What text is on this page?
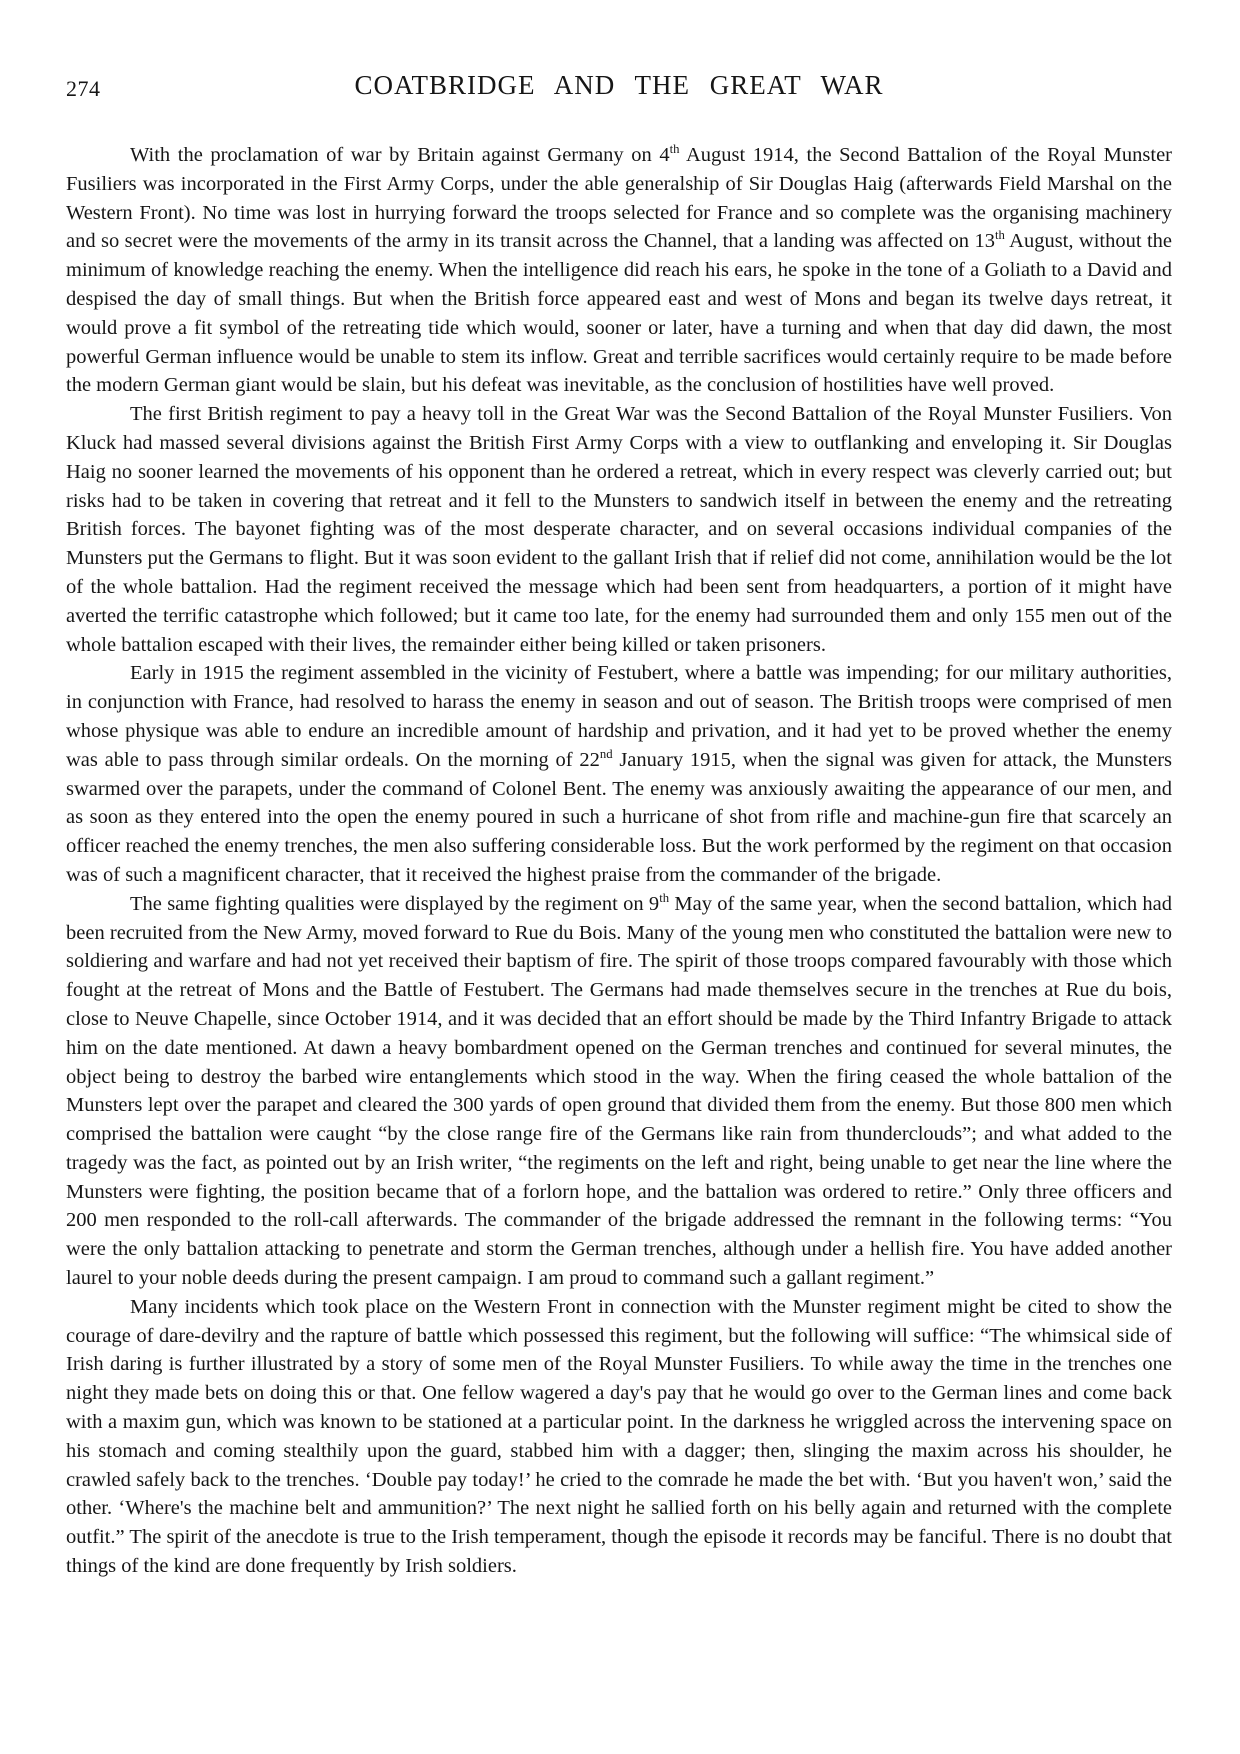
274	COATBRIDGE AND THE GREAT WAR

With the proclamation of war by Britain against Germany on 4th August 1914, the Second Battalion of the Royal Munster Fusiliers was incorporated in the First Army Corps, under the able generalship of Sir Douglas Haig (afterwards Field Marshal on the Western Front). No time was lost in hurrying forward the troops selected for France and so complete was the organising machinery and so secret were the movements of the army in its transit across the Channel, that a landing was affected on 13th August, without the minimum of knowledge reaching the enemy. When the intelligence did reach his ears, he spoke in the tone of a Goliath to a David and despised the day of small things. But when the British force appeared east and west of Mons and began its twelve days retreat, it would prove a fit symbol of the retreating tide which would, sooner or later, have a turning and when that day did dawn, the most powerful German influence would be unable to stem its inflow. Great and terrible sacrifices would certainly require to be made before the modern German giant would be slain, but his defeat was inevitable, as the conclusion of hostilities have well proved.

The first British regiment to pay a heavy toll in the Great War was the Second Battalion of the Royal Munster Fusiliers. Von Kluck had massed several divisions against the British First Army Corps with a view to outflanking and enveloping it. Sir Douglas Haig no sooner learned the movements of his opponent than he ordered a retreat, which in every respect was cleverly carried out; but risks had to be taken in covering that retreat and it fell to the Munsters to sandwich itself in between the enemy and the retreating British forces. The bayonet fighting was of the most desperate character, and on several occasions individual companies of the Munsters put the Germans to flight. But it was soon evident to the gallant Irish that if relief did not come, annihilation would be the lot of the whole battalion. Had the regiment received the message which had been sent from headquarters, a portion of it might have averted the terrific catastrophe which followed; but it came too late, for the enemy had surrounded them and only 155 men out of the whole battalion escaped with their lives, the remainder either being killed or taken prisoners.

Early in 1915 the regiment assembled in the vicinity of Festubert, where a battle was impending; for our military authorities, in conjunction with France, had resolved to harass the enemy in season and out of season. The British troops were comprised of men whose physique was able to endure an incredible amount of hardship and privation, and it had yet to be proved whether the enemy was able to pass through similar ordeals. On the morning of 22nd January 1915, when the signal was given for attack, the Munsters swarmed over the parapets, under the command of Colonel Bent. The enemy was anxiously awaiting the appearance of our men, and as soon as they entered into the open the enemy poured in such a hurricane of shot from rifle and machine-gun fire that scarcely an officer reached the enemy trenches, the men also suffering considerable loss. But the work performed by the regiment on that occasion was of such a magnificent character, that it received the highest praise from the commander of the brigade.

The same fighting qualities were displayed by the regiment on 9th May of the same year, when the second battalion, which had been recruited from the New Army, moved forward to Rue du Bois. Many of the young men who constituted the battalion were new to soldiering and warfare and had not yet received their baptism of fire. The spirit of those troops compared favourably with those which fought at the retreat of Mons and the Battle of Festubert. The Germans had made themselves secure in the trenches at Rue du bois, close to Neuve Chapelle, since October 1914, and it was decided that an effort should be made by the Third Infantry Brigade to attack him on the date mentioned. At dawn a heavy bombardment opened on the German trenches and continued for several minutes, the object being to destroy the barbed wire entanglements which stood in the way. When the firing ceased the whole battalion of the Munsters lept over the parapet and cleared the 300 yards of open ground that divided them from the enemy. But those 800 men which comprised the battalion were caught “by the close range fire of the Germans like rain from thunderclouds”; and what added to the tragedy was the fact, as pointed out by an Irish writer, “the regiments on the left and right, being unable to get near the line where the Munsters were fighting, the position became that of a forlorn hope, and the battalion was ordered to retire.” Only three officers and 200 men responded to the roll-call afterwards. The commander of the brigade addressed the remnant in the following terms: “You were the only battalion attacking to penetrate and storm the German trenches, although under a hellish fire. You have added another laurel to your noble deeds during the present campaign. I am proud to command such a gallant regiment.”

Many incidents which took place on the Western Front in connection with the Munster regiment might be cited to show the courage of dare-devilry and the rapture of battle which possessed this regiment, but the following will suffice: “The whimsical side of Irish daring is further illustrated by a story of some men of the Royal Munster Fusiliers. To while away the time in the trenches one night they made bets on doing this or that. One fellow wagered a day's pay that he would go over to the German lines and come back with a maxim gun, which was known to be stationed at a particular point. In the darkness he wriggled across the intervening space on his stomach and coming stealthily upon the guard, stabbed him with a dagger; then, slinging the maxim across his shoulder, he crawled safely back to the trenches. ‘Double pay today!’ he cried to the comrade he made the bet with. ‘But you haven't won,’ said the other. ‘Where's the machine belt and ammunition?’ The next night he sallied forth on his belly again and returned with the complete outfit.” The spirit of the anecdote is true to the Irish temperament, though the episode it records may be fanciful. There is no doubt that things of the kind are done frequently by Irish soldiers.
